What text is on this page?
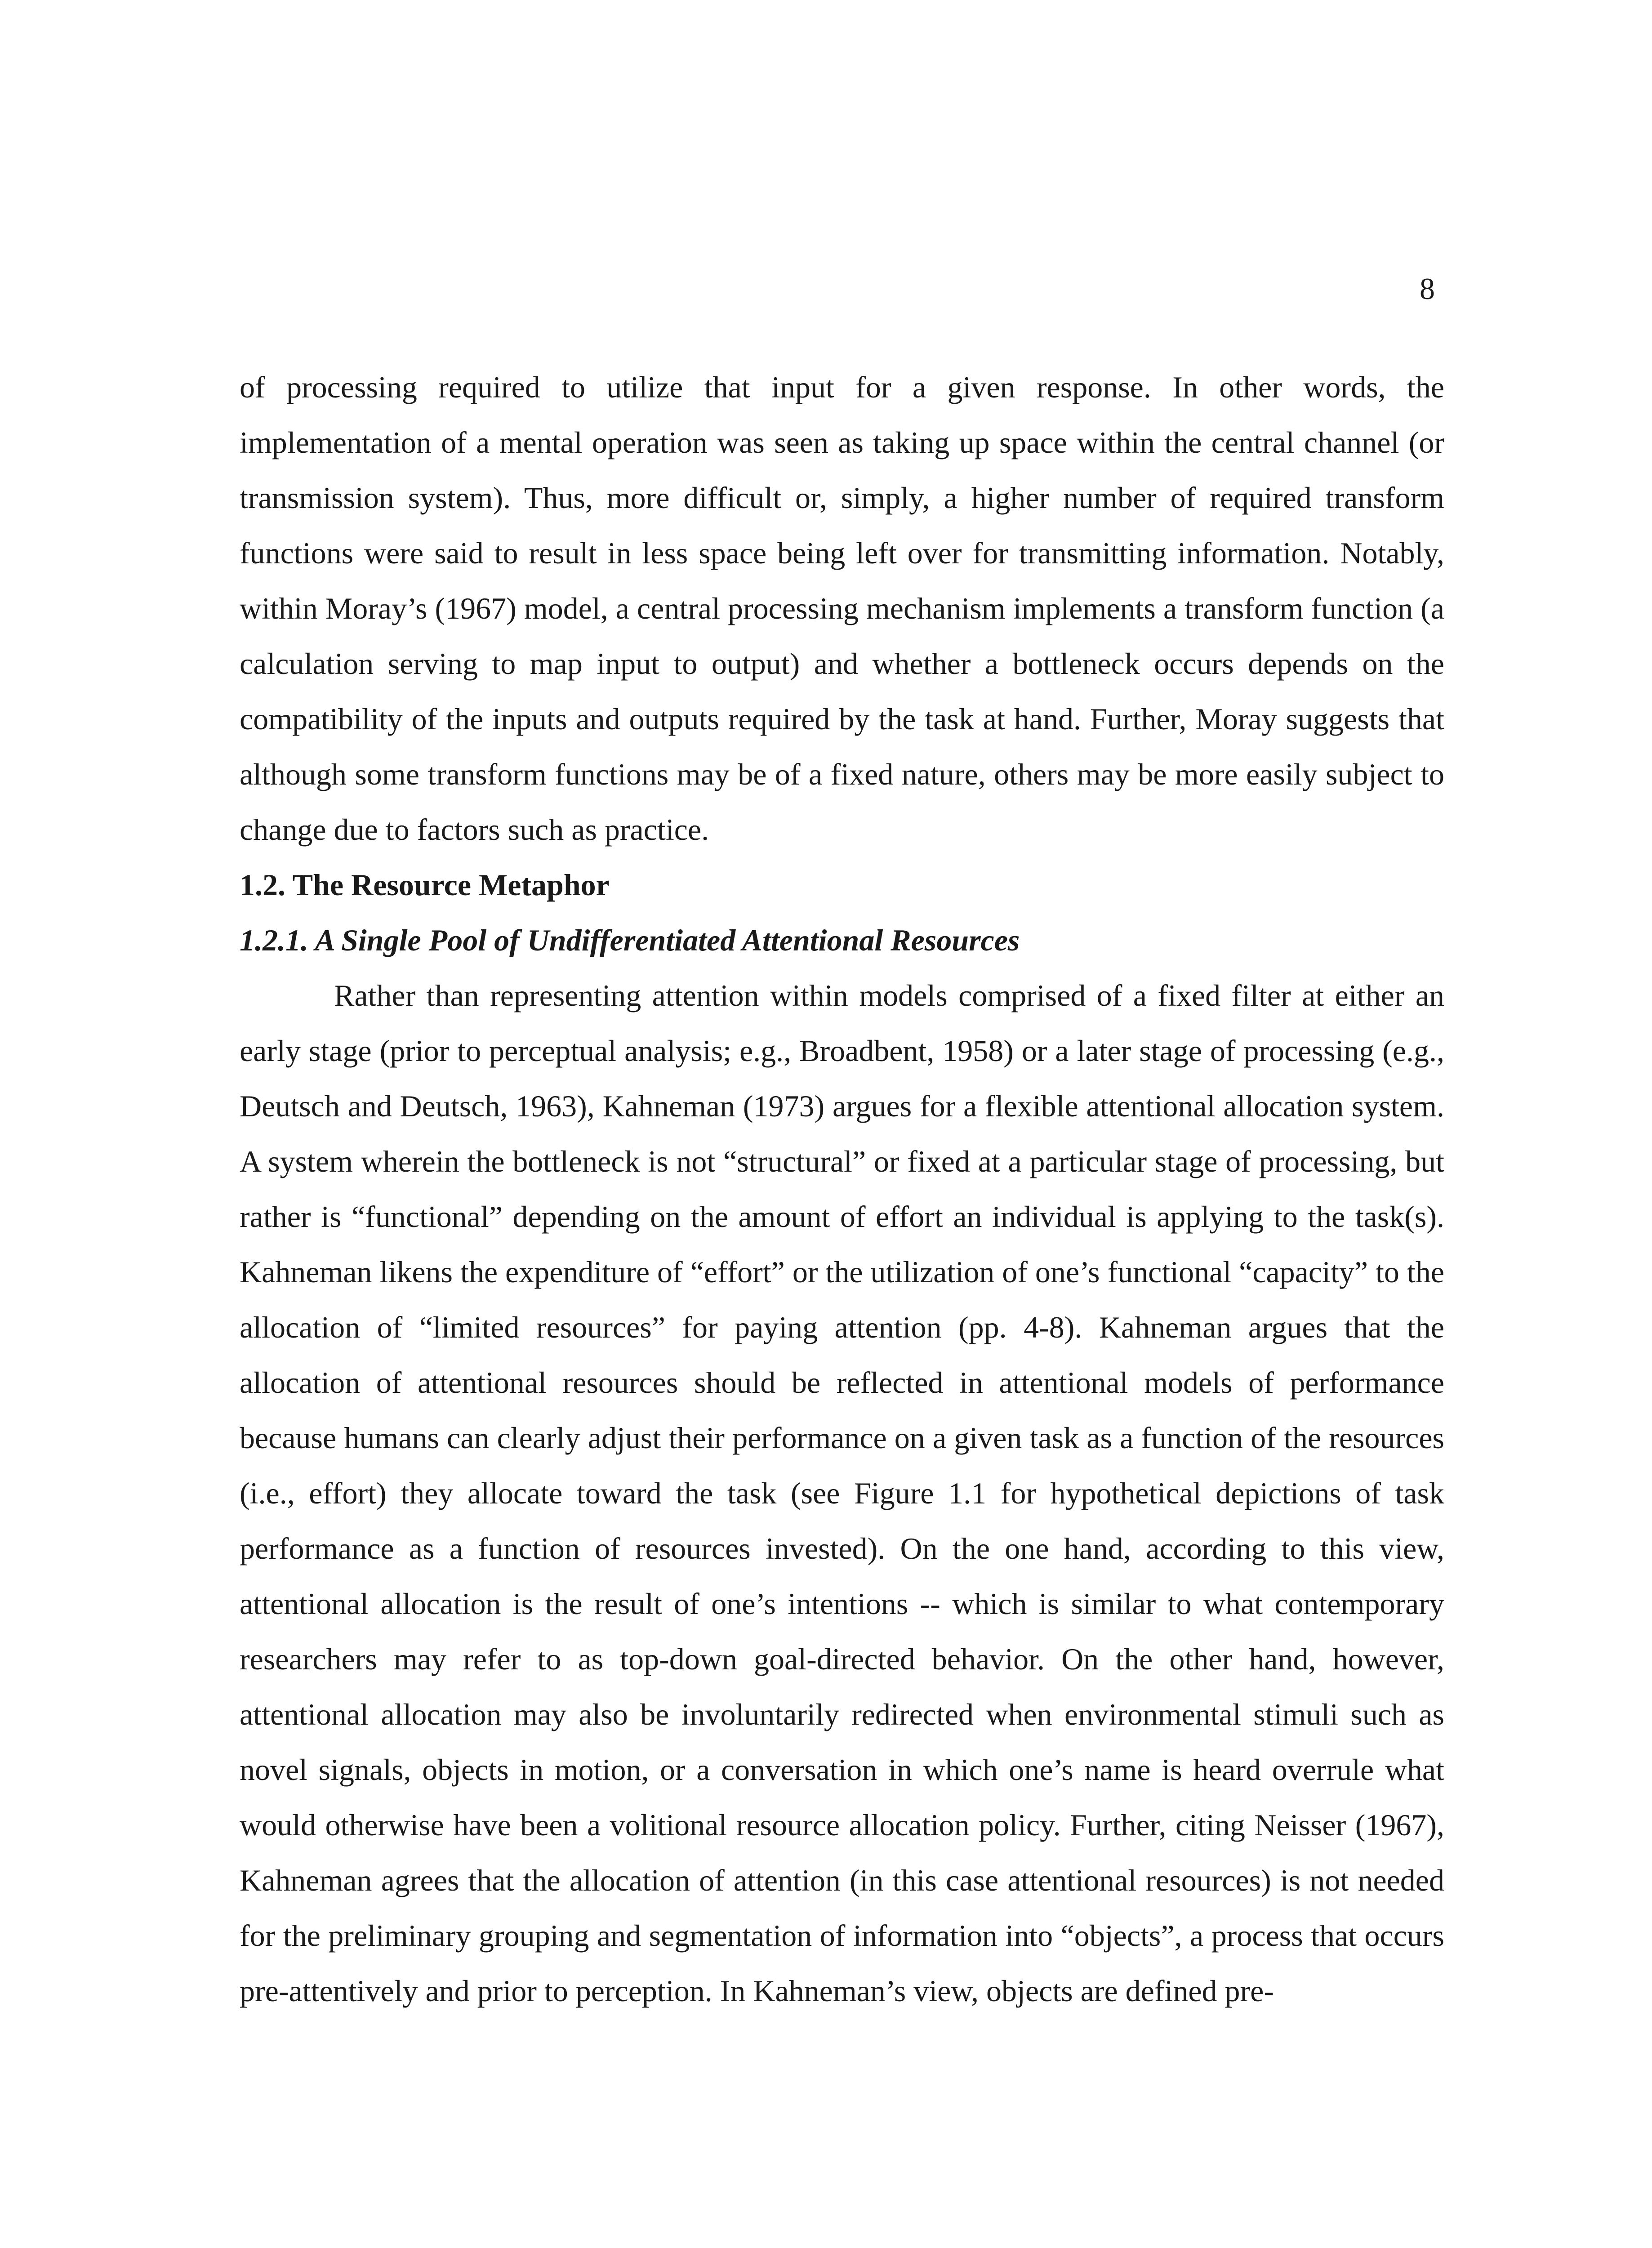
8

of processing required to utilize that input for a given response. In other words, the implementation of a mental operation was seen as taking up space within the central channel (or transmission system). Thus, more difficult or, simply, a higher number of required transform functions were said to result in less space being left over for transmitting information. Notably, within Moray’s (1967) model, a central processing mechanism implements a transform function (a calculation serving to map input to output) and whether a bottleneck occurs depends on the compatibility of the inputs and outputs required by the task at hand. Further, Moray suggests that although some transform functions may be of a fixed nature, others may be more easily subject to change due to factors such as practice.

1.2. The Resource Metaphor
1.2.1. A Single Pool of Undifferentiated Attentional Resources

Rather than representing attention within models comprised of a fixed filter at either an early stage (prior to perceptual analysis; e.g., Broadbent, 1958) or a later stage of processing (e.g., Deutsch and Deutsch, 1963), Kahneman (1973) argues for a flexible attentional allocation system. A system wherein the bottleneck is not “structural” or fixed at a particular stage of processing, but rather is “functional” depending on the amount of effort an individual is applying to the task(s). Kahneman likens the expenditure of “effort” or the utilization of one’s functional “capacity” to the allocation of “limited resources” for paying attention (pp. 4-8). Kahneman argues that the allocation of attentional resources should be reflected in attentional models of performance because humans can clearly adjust their performance on a given task as a function of the resources (i.e., effort) they allocate toward the task (see Figure 1.1 for hypothetical depictions of task performance as a function of resources invested). On the one hand, according to this view, attentional allocation is the result of one’s intentions -- which is similar to what contemporary researchers may refer to as top-down goal-directed behavior. On the other hand, however, attentional allocation may also be involuntarily redirected when environmental stimuli such as novel signals, objects in motion, or a conversation in which one’s name is heard overrule what would otherwise have been a volitional resource allocation policy. Further, citing Neisser (1967), Kahneman agrees that the allocation of attention (in this case attentional resources) is not needed for the preliminary grouping and segmentation of information into “objects”, a process that occurs pre-attentively and prior to perception. In Kahneman’s view, objects are defined pre-
